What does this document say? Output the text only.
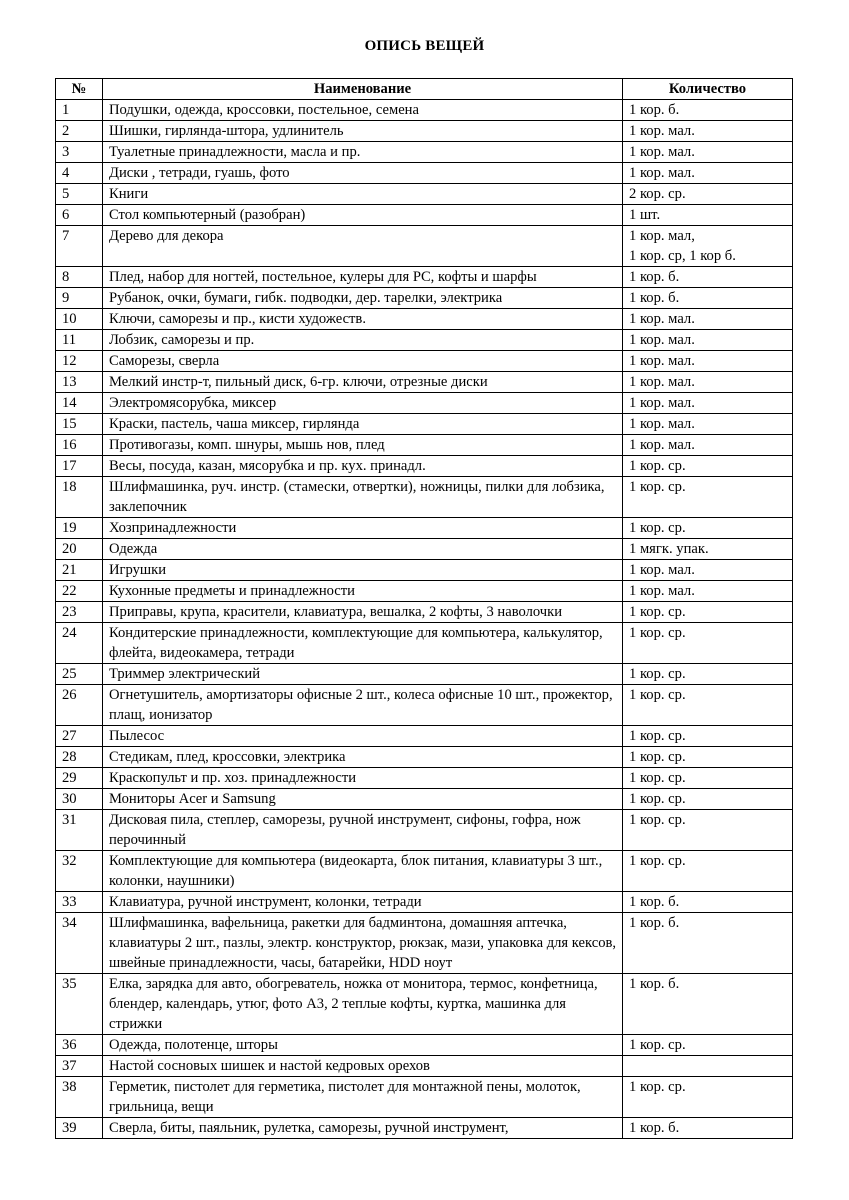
ОПИСЬ ВЕЩЕЙ
№	Наименование	Количество
1	Подушки, одежда, кроссовки, постельное, семена	1 кор. б.
2	Шишки, гирлянда-штора, удлинитель	1 кор. мал.
3	Туалетные принадлежности, масла и пр.	1 кор. мал.
4	Диски , тетради, гуашь, фото	1 кор. мал.
5	Книги	2 кор. ср.
6	Стол компьютерный (разобран)	1 шт.
7	Дерево для декора	1 кор. мал,
1 кор. ср, 1 кор б.
8	Плед, набор для ногтей, постельное, кулеры для PC, кофты и шарфы	1 кор. б.
9	Рубанок, очки, бумаги, гибк. подводки, дер. тарелки, электрика	1 кор. б.
10	Ключи, саморезы и пр., кисти художеств.	1 кор. мал.
11	Лобзик, саморезы и пр.	1 кор. мал.
12	Саморезы, сверла	1 кор. мал.
13	Мелкий инстр-т, пильный диск, 6-гр. ключи, отрезные диски	1 кор. мал.
14	Электромясорубка, миксер	1 кор. мал.
15	Краски, пастель, чаша миксер, гирлянда	1 кор. мал.
16	Противогазы, комп. шнуры, мышь нов, плед	1 кор. мал.
17	Весы, посуда, казан, мясорубка и пр. кух. принадл.	1 кор. ср.
18	Шлифмашинка, руч. инстр. (стамески, отвертки), ножницы, пилки для лобзика, заклепочник	1 кор. ср.
19	Хозпринадлежности	1 кор. ср.
20	Одежда	1 мягк. упак.
21	Игрушки	1 кор. мал.
22	Кухонные предметы и принадлежности	1 кор. мал.
23	Приправы, крупа, красители, клавиатура, вешалка, 2 кофты, 3 наволочки	1 кор. ср.
24	Кондитерские принадлежности, комплектующие для компьютера, калькулятор, флейта, видеокамера, тетради	1 кор. ср.
25	Триммер электрический	1 кор. ср.
26	Огнетушитель, амортизаторы офисные 2 шт., колеса офисные 10 шт., прожектор, плащ, ионизатор	1 кор. ср.
27	Пылесос	1 кор. ср.
28	Стедикам, плед, кроссовки, электрика	1 кор. ср.
29	Краскопульт и пр. хоз. принадлежности	1 кор. ср.
30	Мониторы Acer и Samsung	1 кор. ср.
31	Дисковая пила, степлер, саморезы, ручной инструмент, сифоны, гофра, нож перочинный	1 кор. ср.
32	Комплектующие для компьютера (видеокарта, блок питания, клавиатуры 3 шт., колонки, наушники)	1 кор. ср.
33	Клавиатура, ручной инструмент, колонки, тетради	1 кор. б.
34	Шлифмашинка, вафельница, ракетки для бадминтона, домашняя аптечка, клавиатуры 2 шт., пазлы, электр. конструктор, рюкзак, мази, упаковка для кексов, швейные принадлежности, часы, батарейки, HDD ноут	1 кор. б.
35	Елка, зарядка для авто, обогреватель, ножка от монитора, термос, конфетница, блендер, календарь, утюг, фото А3, 2 теплые кофты, куртка, машинка для стрижки	1 кор. б.
36	Одежда, полотенце, шторы	1 кор. ср.
37	Настой сосновых шишек и настой кедровых орехов	
38	Герметик, пистолет для герметика, пистолет для монтажной пены, молоток, грильница, вещи	1 кор. ср.
39	Сверла, биты, паяльник, рулетка, саморезы, ручной инструмент,	1 кор. б.
